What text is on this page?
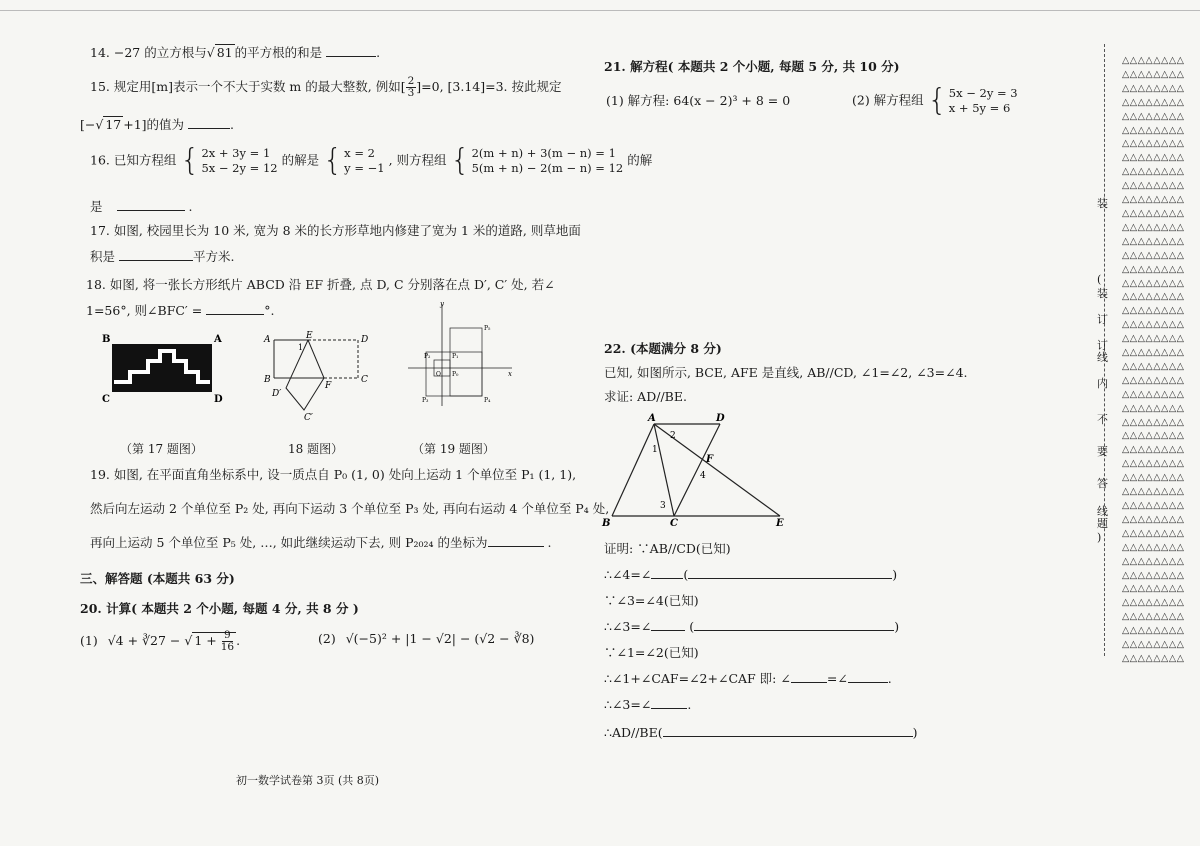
14. −27 的立方根与√ 81 的平方根的和是	.
15. 规定用[m]表示一个不大于实数 m 的最大整数, 例如[ $\frac{2}{3} ]=0$, [3.14]=3. 按此规定
[−√ 17 +1]的值为	.
16. 已知方程组 { 2x + 3y = 1
5x − 2y = 12
的解是 { x = 2
y = −1
, 则方程组 { 2(m + n) + 3(m − n) = 1
5(m + n) − 2(m − n) = 12
的解
是	.
17. 如图, 校园里长为 10 米, 宽为 8 米的长方形草地内修建了宽为 1 米的道路, 则草地面
积是	平方米.
18. 如图, 将一张长方形纸片 ABCD 沿 EF 折叠, 点 D, C 分别落在点 D′, C′ 处, 若∠
1=56°, 则∠BFC′ =	°.
B	A
C	D
A	E	D
B
F
C
D′
C′
1
y
x
O
P₁
P₂
P₃	P₄
P₅
P₀
（第 17 题图）	18 题图）	（第 19 题图）
19. 如图, 在平面直角坐标系中, 设一质点自 P₀ (1, 0) 处向上运动 1 个单位至 P₁ (1, 1),
然后向左运动 2 个单位至 P₂ 处, 再向下运动 3 个单位至 P₃ 处, 再向右运动 4 个单位至 P₄ 处,
再向上运动 5 个单位至 P₅ 处, …, 如此继续运动下去, 则 P₂₀₂₄ 的坐标为	.
三、解答题 (本题共 63 分)
20. 计算( 本题共 2 个小题, 每题 4 分, 共 8 分 )
(1) √4 + ∛27 − √ $1 + \frac{9}{16}$ .	(2) √(−5)² + |1 − √2| − (√2 − ∛8)
21. 解方程( 本题共 2 个小题, 每题 5 分, 共 10 分)
(1) 解方程: 64(x − 2)³ + 8 = 0	(2) 解方程组 { 5x − 2y = 3
x + 5y = 6
22. (本题满分 8 分)
已知, 如图所示, BCE, AFE 是直线, AB//CD, ∠1=∠2, ∠3=∠4.
求证: AD//BE.
A	D
B	C	E
F
1
2
3
4
证明: ∵AB//CD(已知)
∴∠4=∠	(	)
∵∠3=∠4(已知)
∴∠3=∠	(	)
∵∠1=∠2(已知)
∴∠1+∠CAF=∠2+∠CAF 即: ∠	=∠	.
∴∠3=∠	.
∴AD//BE(	)
装
(
装
订
订
线
内
不
要
答
线
题
)
△△△△△△△△
△△△△△△△△
△△△△△△△△
△△△△△△△△
△△△△△△△△
△△△△△△△△
△△△△△△△△
△△△△△△△△
△△△△△△△△
△△△△△△△△
△△△△△△△△
△△△△△△△△
△△△△△△△△
△△△△△△△△
△△△△△△△△
△△△△△△△△
△△△△△△△△
△△△△△△△△
△△△△△△△△
△△△△△△△△
△△△△△△△△
△△△△△△△△
△△△△△△△△
△△△△△△△△
△△△△△△△△
△△△△△△△△
△△△△△△△△
△△△△△△△△
△△△△△△△△
△△△△△△△△
△△△△△△△△
△△△△△△△△
△△△△△△△△
△△△△△△△△
△△△△△△△△
△△△△△△△△
△△△△△△△△
△△△△△△△△
△△△△△△△△
△△△△△△△△
△△△△△△△△
△△△△△△△△
△△△△△△△△
△△△△△△△△
初一数学试卷第 3页 (共 8页)
